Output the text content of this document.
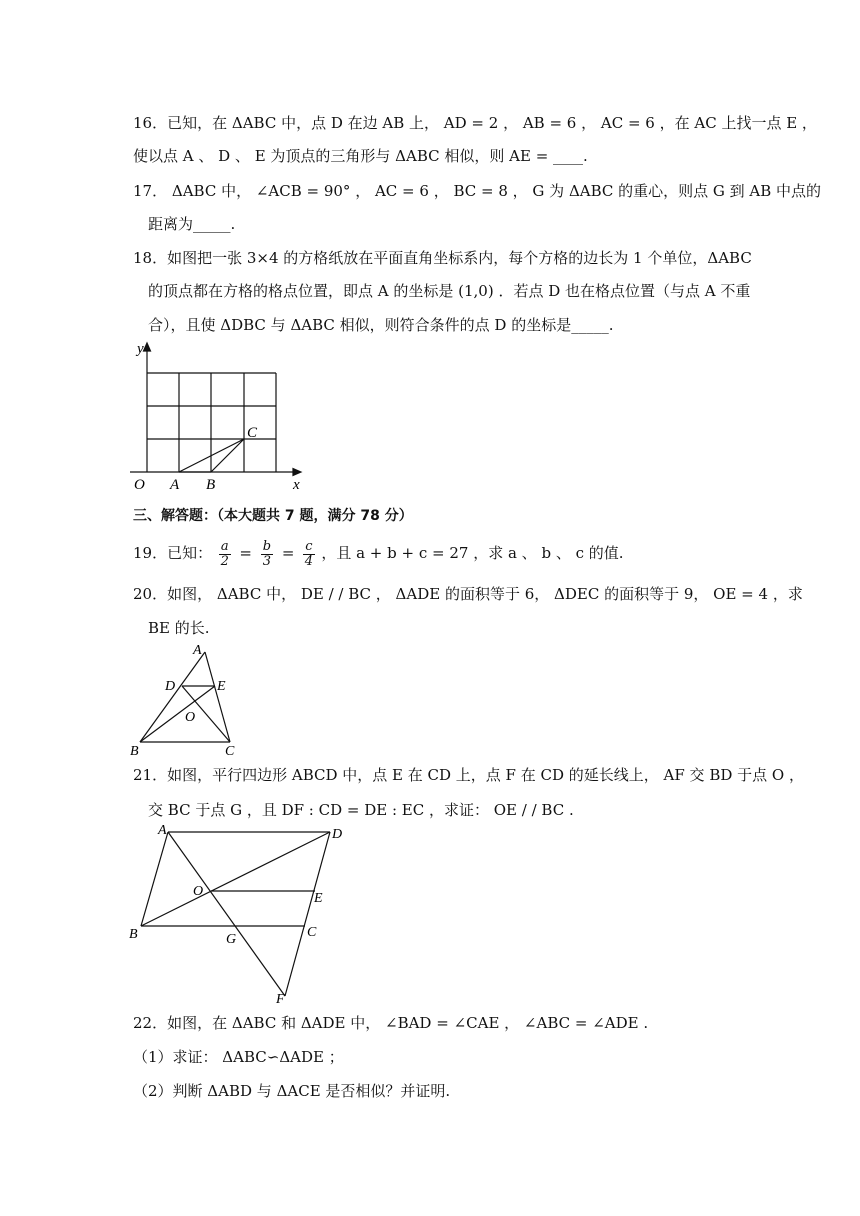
16．已知，在 ΔABC 中，点 D 在边 AB 上， AD = 2 ， AB = 6 ， AC = 6 ，在 AC 上找一点 E ，
使以点 A 、 D 、 E 为顶点的三角形与 ΔABC 相似，则 AE = ____.
17． ΔABC 中， ∠ACB = 90° ， AC = 6 ， BC = 8 ， G 为 ΔABC 的重心，则点 G 到 AB 中点的
距离为_____.
18．如图把一张 3×4 的方格纸放在平面直角坐标系内，每个方格的边长为 1 个单位，ΔABC
的顶点都在方格的格点位置，即点 A 的坐标是 (1,0) ．若点 D 也在格点位置（与点 A 不重
合），且使 ΔDBC 与 ΔABC 相似，则符合条件的点 D 的坐标是_____.
y
x
O A B
C
三、解答题：（本大题共 7 题，满分 78 分）
19．已知： $\frac{a}{2} = \frac{b}{3} = \frac{c}{4}$ ，且 a + b + c = 27 ，求 a 、 b 、 c 的值.
20．如图， ΔABC 中， DE / / BC ， ΔADE 的面积等于 6， ΔDEC 的面积等于 9， OE = 4 ，求
BE 的长.
A
D	E
O
B	C
21．如图，平行四边形 ABCD 中，点 E 在 CD 上，点 F 在 CD 的延长线上， AF 交 BD 于点 O ，
交 BC 于点 G ，且 DF : CD = DE : EC ，求证： OE / / BC .
A	D
O	E
B	G	C
F
22．如图，在 ΔABC 和 ΔADE 中， ∠BAD = ∠CAE ， ∠ABC = ∠ADE .
（1）求证： ΔABC∽ΔADE ；
（2）判断 ΔABD 与 ΔACE 是否相似？并证明.
